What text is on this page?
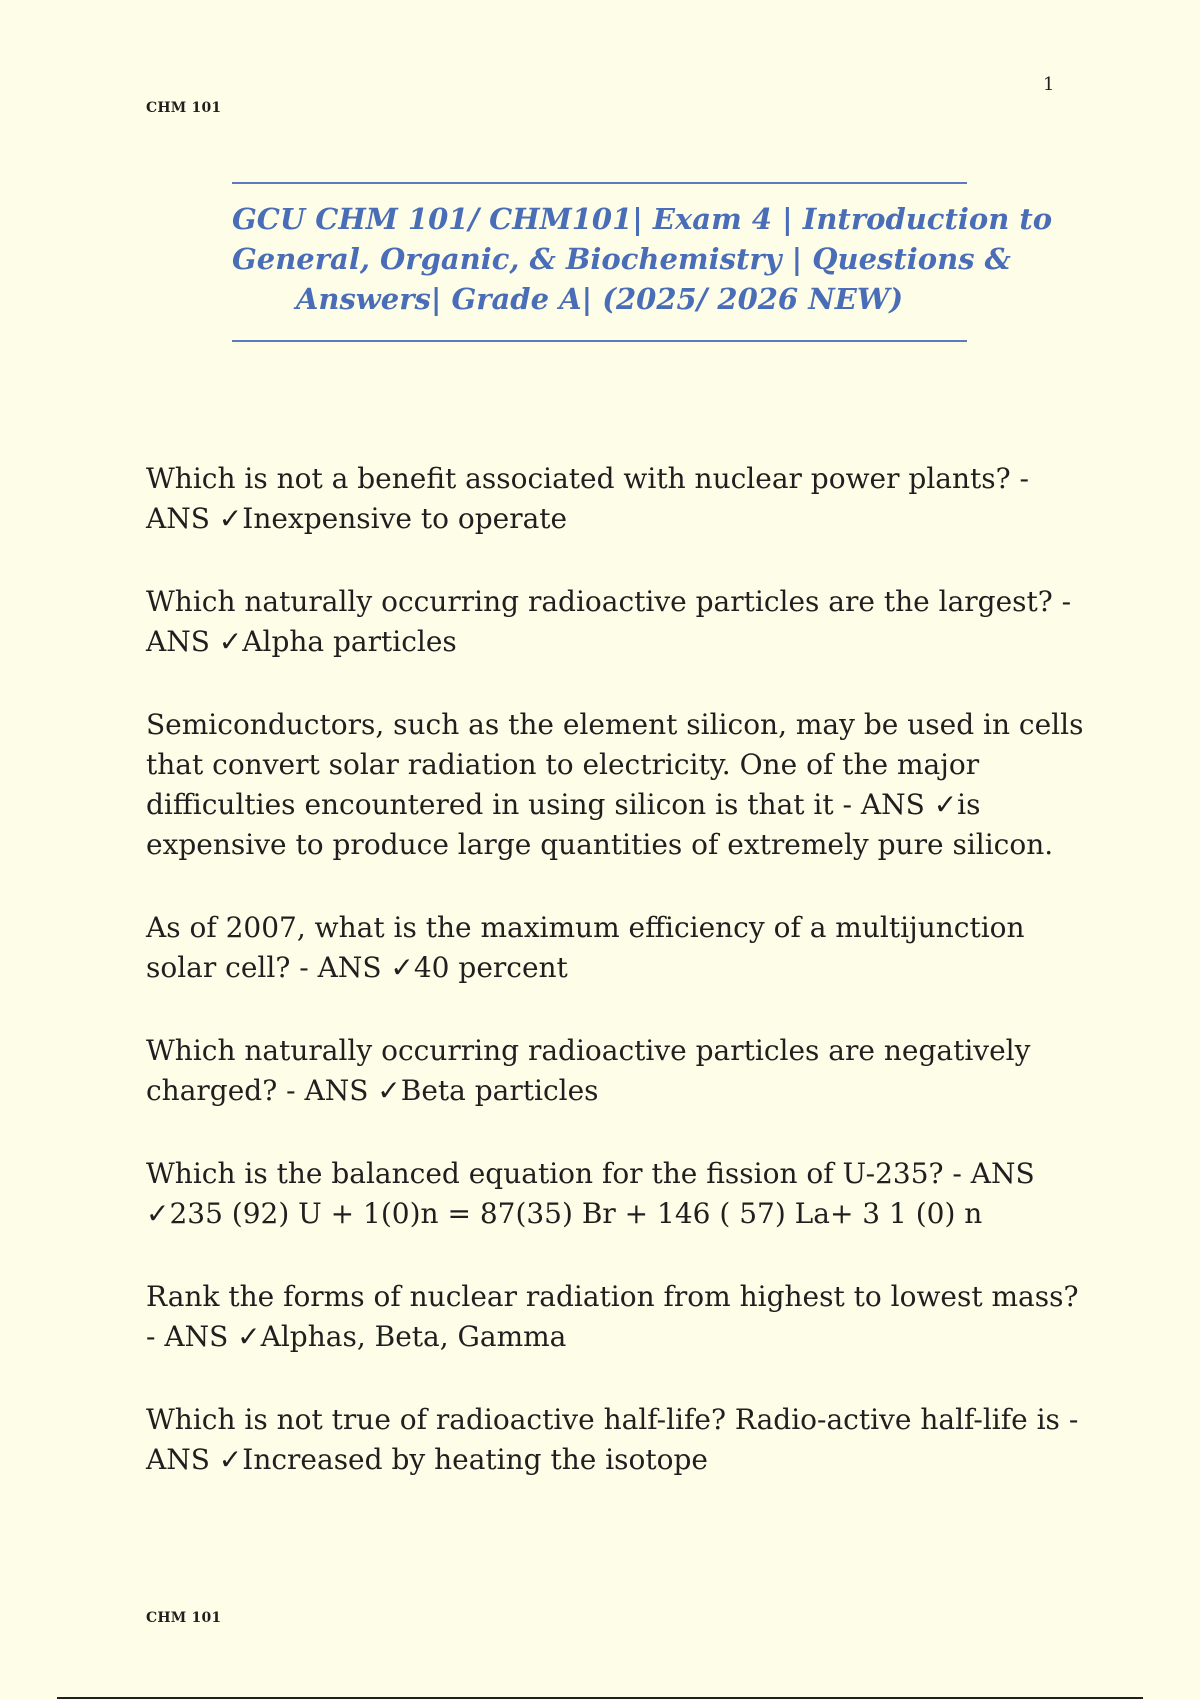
1
CHM 101
GCU CHM 101/ CHM101| Exam 4 | Introduction to
General, Organic, & Biochemistry | Questions &
Answers| Grade A| (2025/ 2026 NEW)
Which is not a benefit associated with nuclear power plants? -
ANS ✓Inexpensive to operate
Which naturally occurring radioactive particles are the largest? -
ANS ✓Alpha particles
Semiconductors, such as the element silicon, may be used in cells
that convert solar radiation to electricity. One of the major
difficulties encountered in using silicon is that it - ANS ✓is
expensive to produce large quantities of extremely pure silicon.
As of 2007, what is the maximum efficiency of a multijunction
solar cell? - ANS ✓40 percent
Which naturally occurring radioactive particles are negatively
charged? - ANS ✓Beta particles
Which is the balanced equation for the fission of U-235? - ANS
✓235 (92) U + 1(0)n = 87(35) Br + 146 ( 57) La+ 3 1 (0) n
Rank the forms of nuclear radiation from highest to lowest mass?
- ANS ✓Alphas, Beta, Gamma
Which is not true of radioactive half-life? Radio-active half-life is -
ANS ✓Increased by heating the isotope
CHM 101
